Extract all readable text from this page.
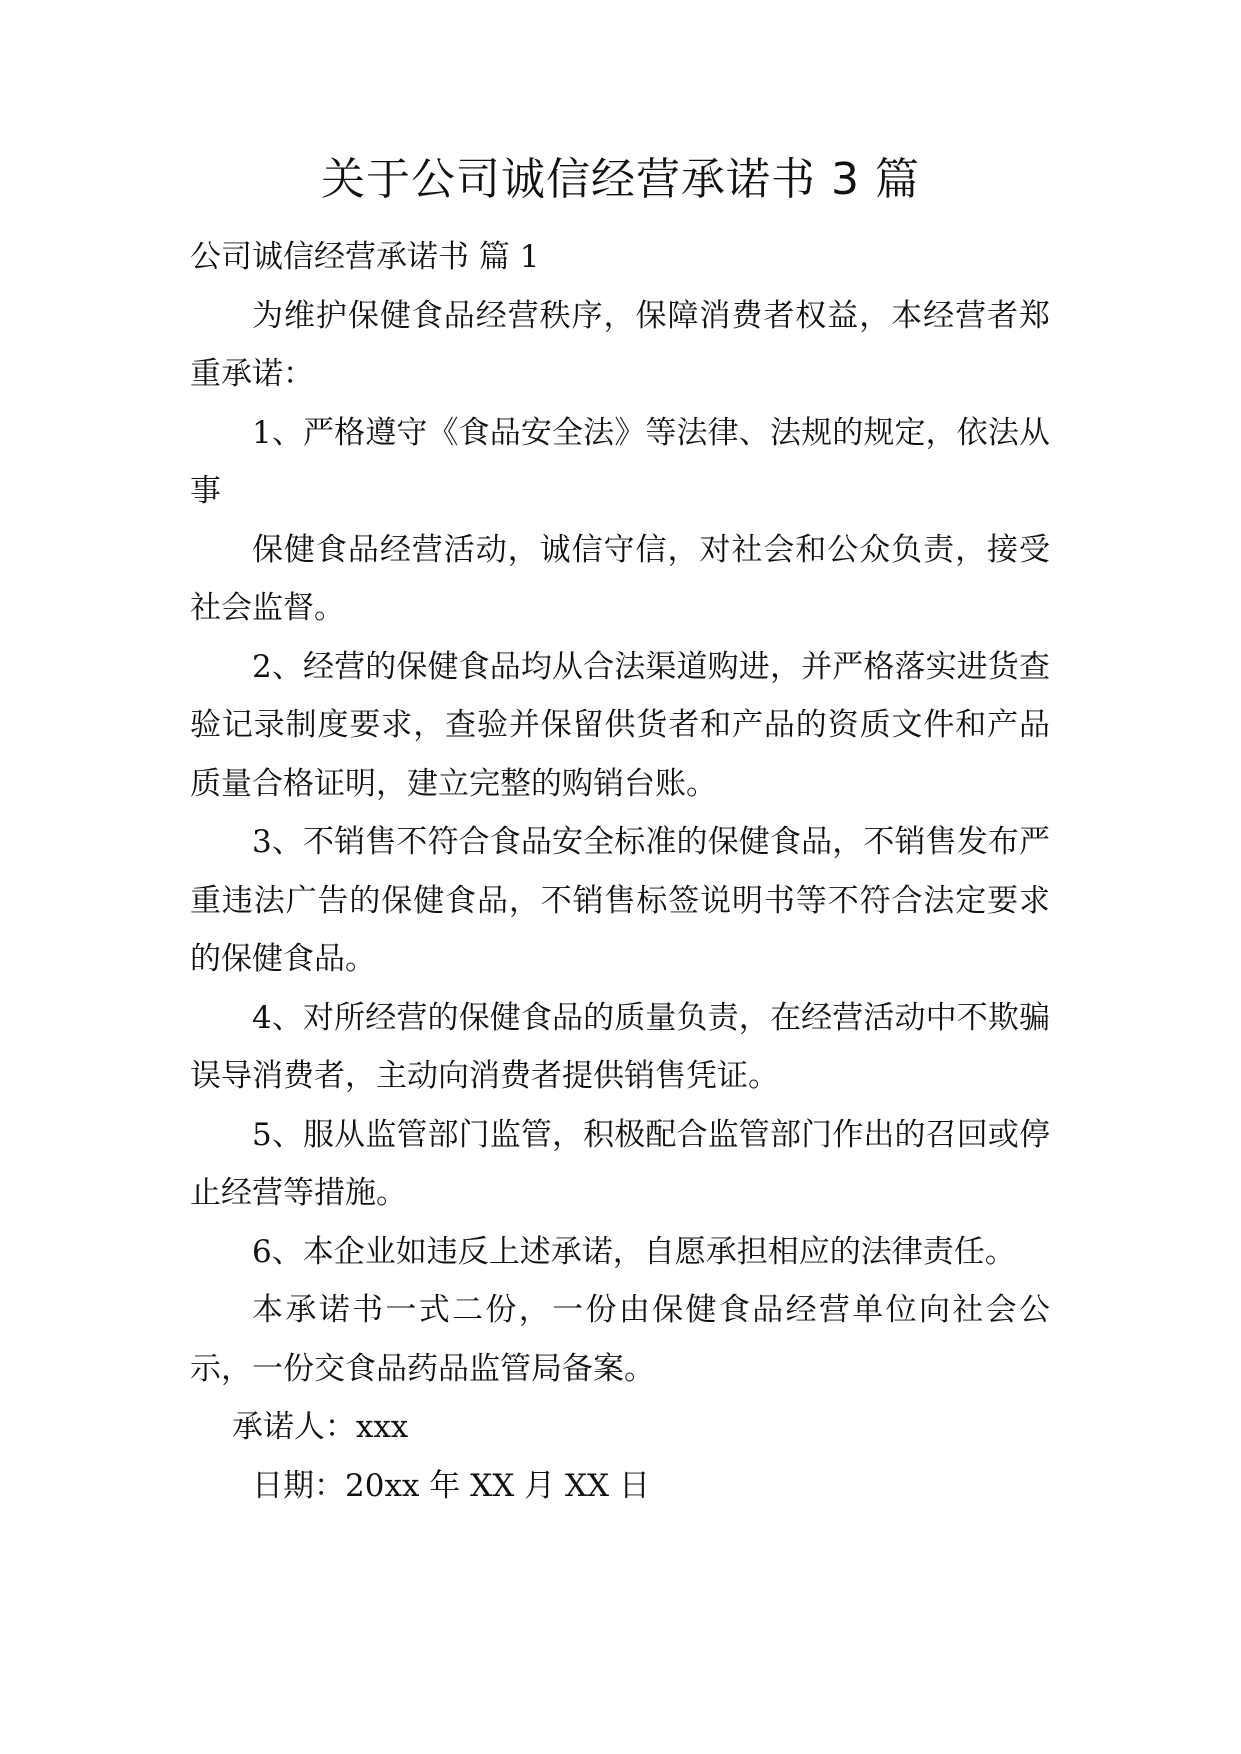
关于公司诚信经营承诺书 3 篇

公司诚信经营承诺书 篇 1

为维护保健食品经营秩序，保障消费者权益，本经营者郑重承诺：

1、严格遵守《食品安全法》等法律、法规的规定，依法从事

保健食品经营活动，诚信守信，对社会和公众负责，接受社会监督。

2、经营的保健食品均从合法渠道购进，并严格落实进货查验记录制度要求，查验并保留供货者和产品的资质文件和产品质量合格证明，建立完整的购销台账。

3、不销售不符合食品安全标准的保健食品，不销售发布严重违法广告的保健食品，不销售标签说明书等不符合法定要求的保健食品。

4、对所经营的保健食品的质量负责，在经营活动中不欺骗误导消费者，主动向消费者提供销售凭证。

5、服从监管部门监管，积极配合监管部门作出的召回或停止经营等措施。

6、本企业如违反上述承诺，自愿承担相应的法律责任。

本承诺书一式二份，一份由保健食品经营单位向社会公示，一份交食品药品监管局备案。

承诺人：xxx

日期：20xx 年 XX 月 XX 日
